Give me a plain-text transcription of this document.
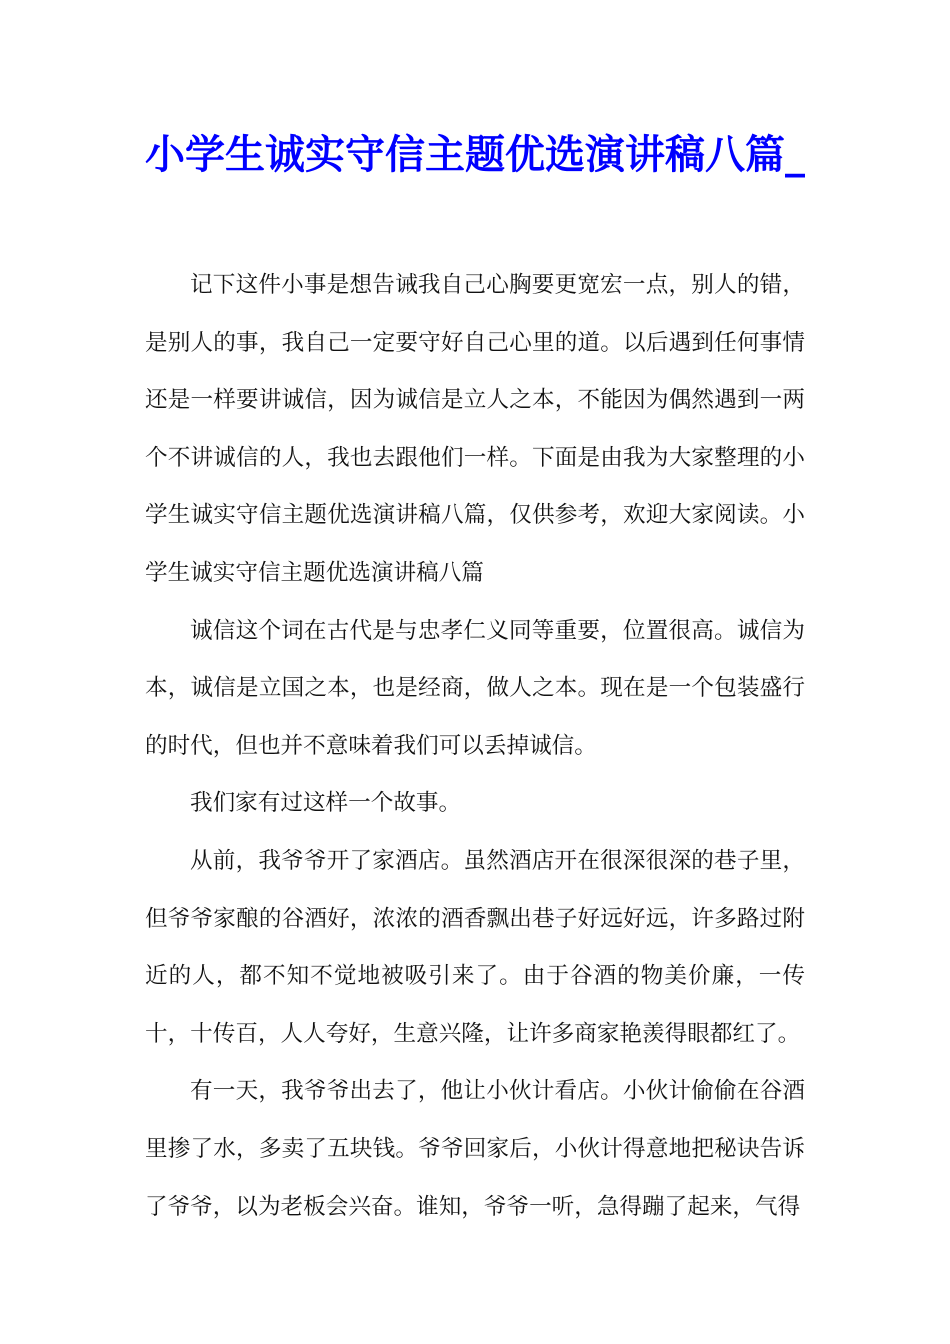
小学生诚实守信主题优选演讲稿八篇_

记下这件小事是想告诫我自己心胸要更宽宏一点，别人的错，是别人的事，我自己一定要守好自己心里的道。以后遇到任何事情还是一样要讲诚信，因为诚信是立人之本，不能因为偶然遇到一两个不讲诚信的人，我也去跟他们一样。下面是由我为大家整理的小学生诚实守信主题优选演讲稿八篇，仅供参考，欢迎大家阅读。小学生诚实守信主题优选演讲稿八篇

诚信这个词在古代是与忠孝仁义同等重要，位置很高。诚信为本，诚信是立国之本，也是经商，做人之本。现在是一个包装盛行的时代，但也并不意味着我们可以丢掉诚信。

我们家有过这样一个故事。

从前，我爷爷开了家酒店。虽然酒店开在很深很深的巷子里，但爷爷家酿的谷酒好，浓浓的酒香飘出巷子好远好远，许多路过附近的人，都不知不觉地被吸引来了。由于谷酒的物美价廉，一传十，十传百，人人夸好，生意兴隆，让许多商家艳羡得眼都红了。

有一天，我爷爷出去了，他让小伙计看店。小伙计偷偷在谷酒里掺了水，多卖了五块钱。爷爷回家后，小伙计得意地把秘诀告诉了爷爷，以为老板会兴奋。谁知，爷爷一听，急得蹦了起来，气得
